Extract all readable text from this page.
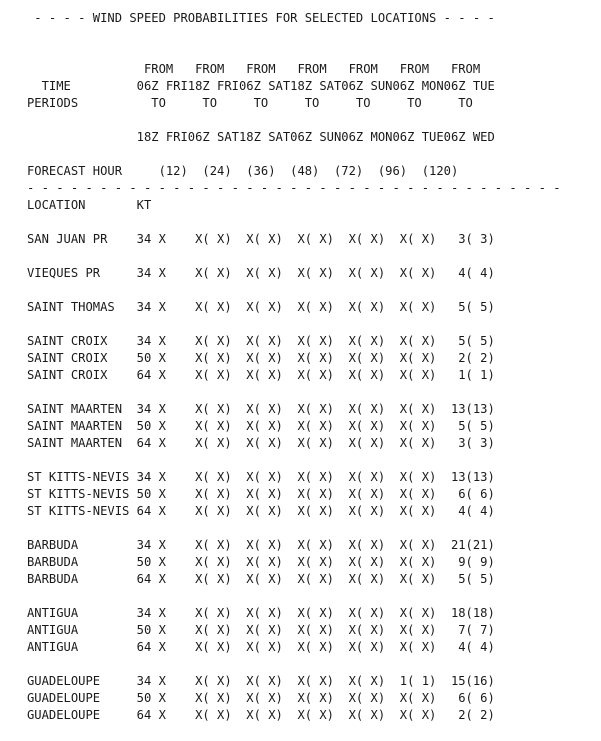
- - - - WIND SPEED PROBABILITIES FOR SELECTED LOCATIONS - - - -
FROM   FROM   FROM   FROM   FROM   FROM   FROM
TIME         06Z FRI18Z FRI06Z SAT18Z SAT06Z SUN06Z MON06Z TUE
PERIODS          TO     TO     TO     TO     TO     TO     TO
18Z FRI06Z SAT18Z SAT06Z SUN06Z MON06Z TUE06Z WED
FORECAST HOUR     (12)  (24)  (36)  (48)  (72)  (96)  (120)
- - - - - - - - - - - - - - - - - - - - - - - - - - - - - - - - - - - - -
LOCATION       KT
SAN JUAN PR    34 X    X( X)  X( X)  X( X)  X( X)  X( X)   3( 3)
VIEQUES PR     34 X    X( X)  X( X)  X( X)  X( X)  X( X)   4( 4)
SAINT THOMAS   34 X    X( X)  X( X)  X( X)  X( X)  X( X)   5( 5)
SAINT CROIX    34 X    X( X)  X( X)  X( X)  X( X)  X( X)   5( 5)
SAINT CROIX    50 X    X( X)  X( X)  X( X)  X( X)  X( X)   2( 2)
SAINT CROIX    64 X    X( X)  X( X)  X( X)  X( X)  X( X)   1( 1)
SAINT MAARTEN  34 X    X( X)  X( X)  X( X)  X( X)  X( X)  13(13)
SAINT MAARTEN  50 X    X( X)  X( X)  X( X)  X( X)  X( X)   5( 5)
SAINT MAARTEN  64 X    X( X)  X( X)  X( X)  X( X)  X( X)   3( 3)
ST KITTS-NEVIS 34 X    X( X)  X( X)  X( X)  X( X)  X( X)  13(13)
ST KITTS-NEVIS 50 X    X( X)  X( X)  X( X)  X( X)  X( X)   6( 6)
ST KITTS-NEVIS 64 X    X( X)  X( X)  X( X)  X( X)  X( X)   4( 4)
BARBUDA        34 X    X( X)  X( X)  X( X)  X( X)  X( X)  21(21)
BARBUDA        50 X    X( X)  X( X)  X( X)  X( X)  X( X)   9( 9)
BARBUDA        64 X    X( X)  X( X)  X( X)  X( X)  X( X)   5( 5)
ANTIGUA        34 X    X( X)  X( X)  X( X)  X( X)  X( X)  18(18)
ANTIGUA        50 X    X( X)  X( X)  X( X)  X( X)  X( X)   7( 7)
ANTIGUA        64 X    X( X)  X( X)  X( X)  X( X)  X( X)   4( 4)
GUADELOUPE     34 X    X( X)  X( X)  X( X)  X( X)  1( 1)  15(16)
GUADELOUPE     50 X    X( X)  X( X)  X( X)  X( X)  X( X)   6( 6)
GUADELOUPE     64 X    X( X)  X( X)  X( X)  X( X)  X( X)   2( 2)
